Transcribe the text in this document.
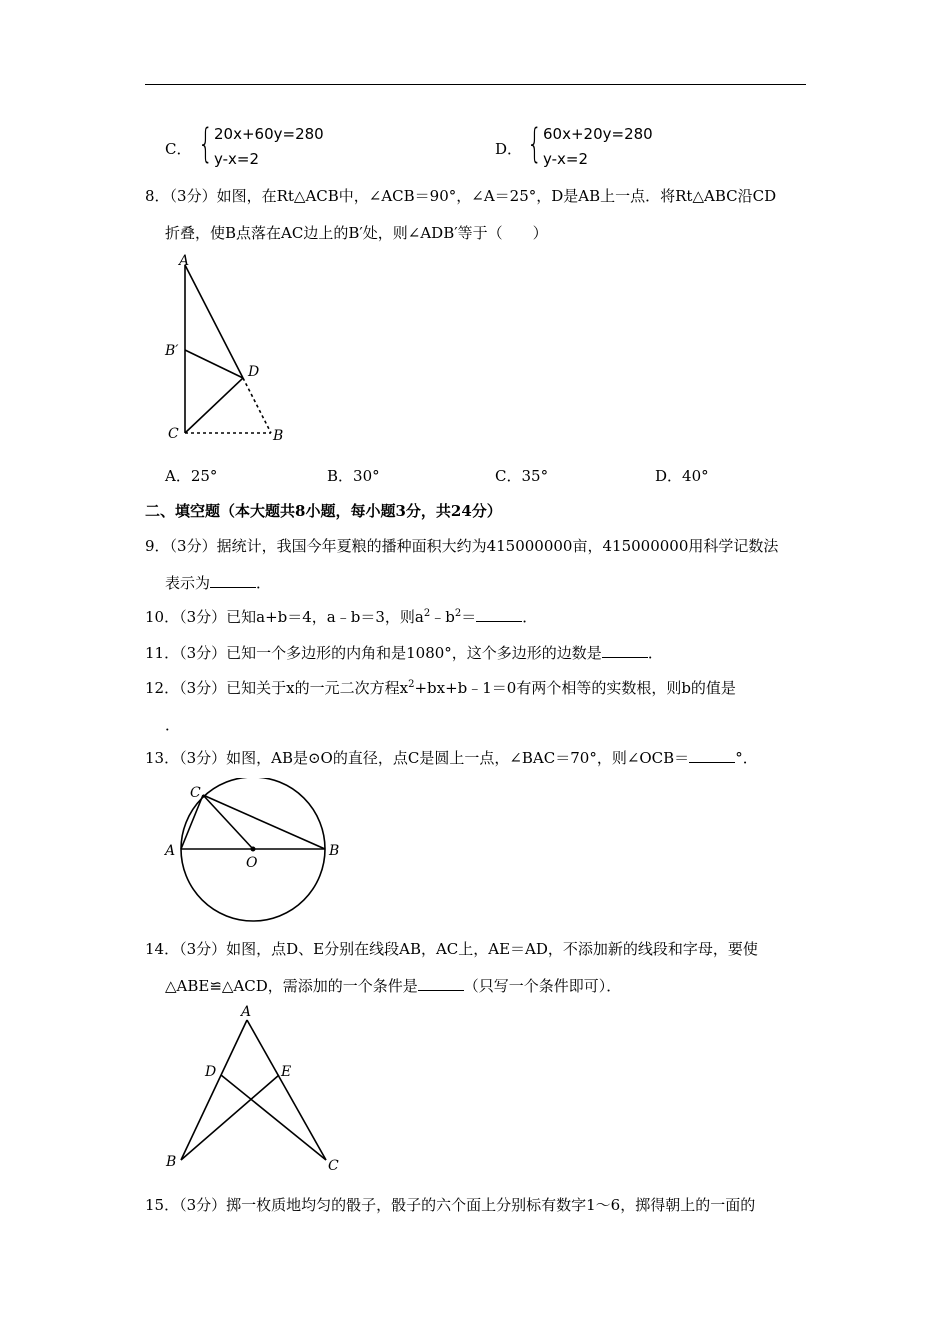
C． { 20x+60y=280
y-x=2
D． { 60x+20y=280
y-x=2
8．（3分）如图，在Rt△ACB中，∠ACB＝90°，∠A＝25°，D是AB上一点．将Rt△ABC沿CD
折叠，使B点落在AC边上的B′处，则∠ADB′等于（　　）
A
B′
D
C	B
A．25°	B．30°	C．35°	D．40°
二、填空题（本大题共8小题，每小题3分，共24分）
9．（3分）据统计，我国今年夏粮的播种面积大约为415000000亩，415000000用科学记数法
表示为	．
10．（3分）已知a+b＝4，a﹣b＝3，则$a^2﹣b^2=$	．
11．（3分）已知一个多边形的内角和是1080°，这个多边形的边数是	．
12．（3分）已知关于x的一元二次方程$x^2+bx+b﹣1=0$有两个相等的实数根，则b的值是
．
13．（3分）如图，AB是⊙O的直径，点C是圆上一点，∠BAC＝70°，则∠OCB＝	°．
C
A
O
B
14．（3分）如图，点D、E分别在线段AB，AC上，AE＝AD，不添加新的线段和字母，要使
△ABE≌△ACD，需添加的一个条件是	（只写一个条件即可）．
A
D	E
B	C
15．（3分）掷一枚质地均匀的骰子，骰子的六个面上分别标有数字1～6，掷得朝上的一面的
